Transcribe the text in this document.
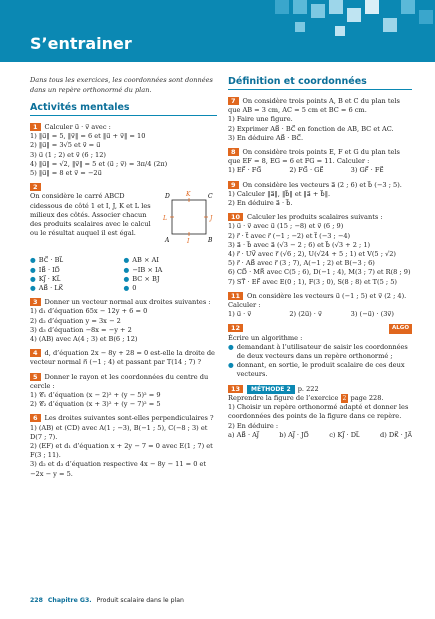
S’entrainer
Dans tous les exercices, les coordonnées sont données dans un repère orthonormé du plan.
Activités mentales
1 Calculer u⃗ · v⃗ avec :
1) ‖u⃗‖ = 5, ‖v⃗‖ = 6 et ‖u⃗ + v⃗‖ = 10
2) ‖u⃗‖ = 3√5 et v⃗ = u⃗
3) u⃗ (1 ; 2) et v⃗ (6 ; 12)
4) ‖u⃗‖ = √2, ‖v⃗‖ = 5 et (u⃗ ; v⃗) = 3π/4 (2π)
5) ‖u⃗‖ = 8 et v⃗ = −2u⃗
2
On considère le carré ABCD cidessous de côté 1 et I, J, K et L les milieux des côtés. Associer chacun des produits scalaires avec le calcul ou le résultat auquel il est égal.
D	K	C
L	J
A	I	B
● BC⃗ · BL⃗	● AB × AI
● IB⃗ · ID⃗	● −IB × IA
● KJ⃗ · KL⃗	● BC × BJ
● AB⃗ · LK⃗	● 0
3 Donner un vecteur normal aux droites suivantes :
1) d₁ d’équation 65x − 12y + 6 = 0
2) d₂ d’équation y = 3x − 2
3) d₃ d’équation −8x = −y + 2
4) (AB) avec A(4 ; 3) et B(6 ; 12)
4 d, d’équation 2x − 8y + 28 = 0 est-elle la droite de vecteur normal n⃗ (−1 ; 4) et passant par T(14 ; 7) ?
5 Donner le rayon et les coordonnées du centre du cercle :
1) 𝒞₁ d’équation (x − 2)² + (y − 5)² = 9
2) 𝒞₂ d’équation (x + 3)² + (y − 7)² = 5
6 Les droites suivantes sont-elles perpendiculaires ?
1) (AB) et (CD) avec A(1 ; −3), B(−1 ; 5), C(−8 ; 3) et D(7 ; 7).
2) (EF) et d₁ d’équation x + 2y − 7 = 0 avec E(1 ; 7) et F(3 ; 11).
3) d₂ et d₃ d’équation respective 4x − 8y − 11 = 0 et −2x − y = 5.
Définition et coordonnées
7 On considère trois points A, B et C du plan tels que AB = 3 cm, AC = 5 cm et BC = 6 cm.
1) Faire une figure.
2) Exprimer AB⃗ · BC⃗ en fonction de AB, BC et AC.
3) En déduire AB⃗ · BC⃗.
8 On considère trois points E, F et G du plan tels que EF = 8, EG = 6 et FG = 11. Calculer :
1) EF⃗ · FG⃗	2) FG⃗ · GE⃗	3) GF⃗ · FE⃗
9 On considère les vecteurs a⃗ (2 ; 6) et b⃗ (−3 ; 5).
1) Calculer ‖a⃗‖, ‖b⃗‖ et ‖a⃗ + b⃗‖.
2) En déduire a⃗ · b⃗.
10 Calculer les produits scalaires suivants :
1) u⃗ · v⃗ avec u⃗ (15 ; −8) et v⃗ (6 ; 9)
2) r⃗ · t⃗ avec r⃗ (−1 ; −2) et t⃗ (−3 ; −4)
3) a⃗ · b⃗ avec a⃗ (√3 − 2 ; 6) et b⃗ (√3 + 2 ; 1)
4) r⃗ · UV⃗ avec r⃗ (√6 ; 2), U(√24 + 5 ; 1) et V(5 ; √2)
5) r⃗ · AB⃗ avec r⃗ (3 ; 7), A(−1 ; 2) et B(−3 ; 6)
6) CD⃗ · MR⃗ avec C(5 ; 6), D(−1 ; 4), M(3 ; 7) et R(8 ; 9)
7) ST⃗ · EF⃗ avec E(0 ; 1), F(3 ; 0), S(8 ; 8) et T(5 ; 5)
11 On considère les vecteurs u⃗ (−1 ; 5) et v⃗ (2 ; 4). Calculer :
1) u⃗ · v⃗	2) (2u⃗) · v⃗	3) (−u⃗) · (3v⃗)
12	ALGO
Écrire un algorithme :
● demandant à l’utilisateur de saisir les coordonnées de deux vecteurs dans un repère orthonormé ;
● donnant, en sortie, le produit scalaire de ces deux vecteurs.
13 MÉTHODE 2 p. 222
Reprendre la figure de l’exercice 2 page 228.
1) Choisir un repère orthonormé adapté et donner les coordonnées des points de la figure dans ce repère.
2) En déduire :
a) AB⃗ · AJ⃗	b) AJ⃗ · JD⃗	c) KJ⃗ · DL⃗	d) DK⃗ · JA⃗
228 Chapitre G3. Produit scalaire dans le plan
